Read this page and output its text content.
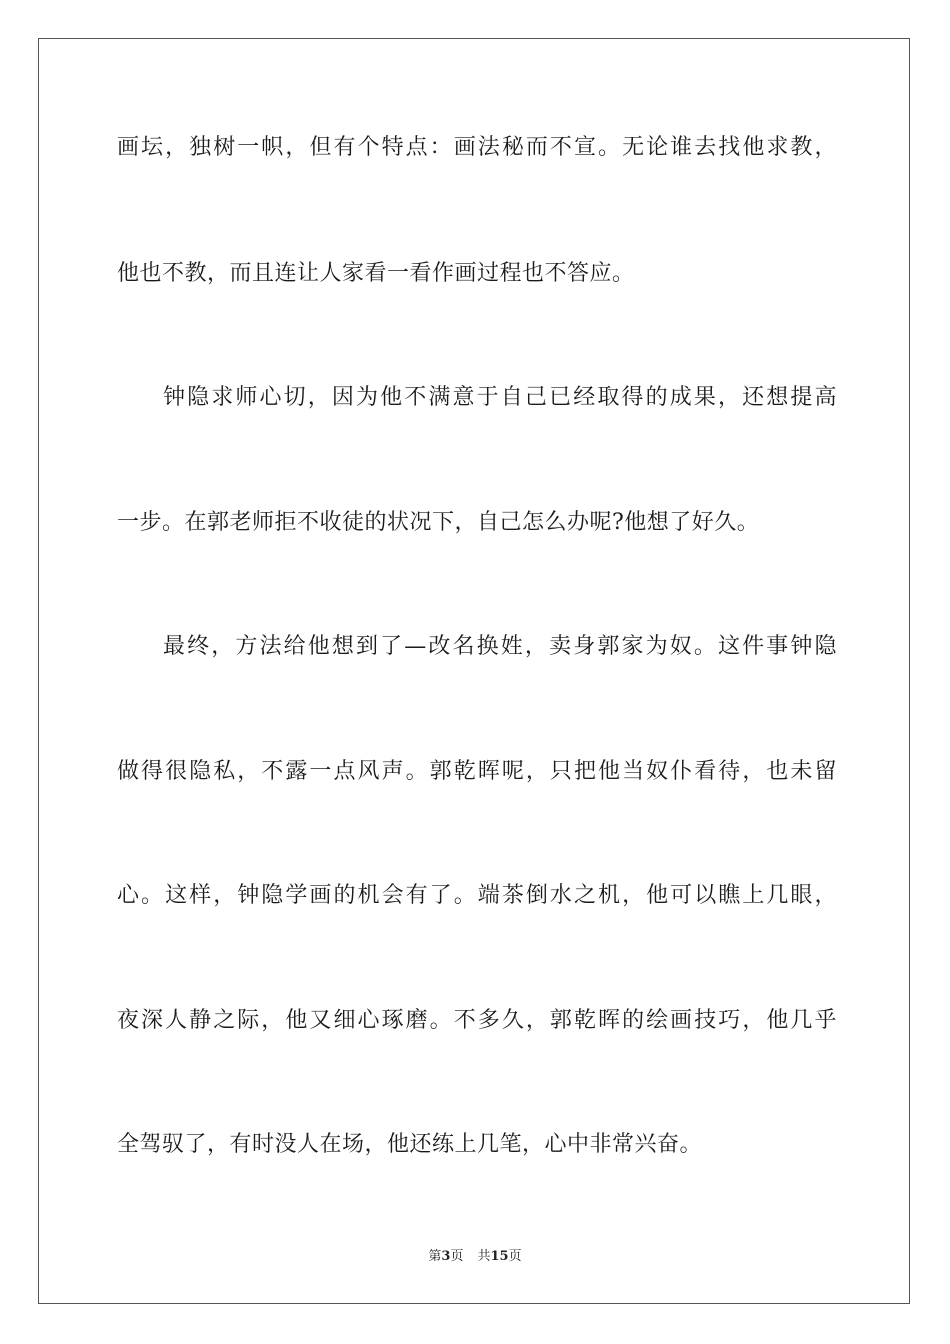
画坛，独树一帜，但有个特点：画法秘而不宣。无论谁去找他求教，
他也不教，而且连让人家看一看作画过程也不答应。
钟隐求师心切，因为他不满意于自己已经取得的成果，还想提高
一步。在郭老师拒不收徒的状况下，自己怎么办呢?他想了好久。
最终，方法给他想到了—改名换姓，卖身郭家为奴。这件事钟隐
做得很隐私，不露一点风声。郭乾晖呢，只把他当奴仆看待，也未留
心。这样，钟隐学画的机会有了。端茶倒水之机，他可以瞧上几眼，
夜深人静之际，他又细心琢磨。不多久，郭乾晖的绘画技巧，他几乎
全驾驭了，有时没人在场，他还练上几笔，心中非常兴奋。
第3页 共15页
